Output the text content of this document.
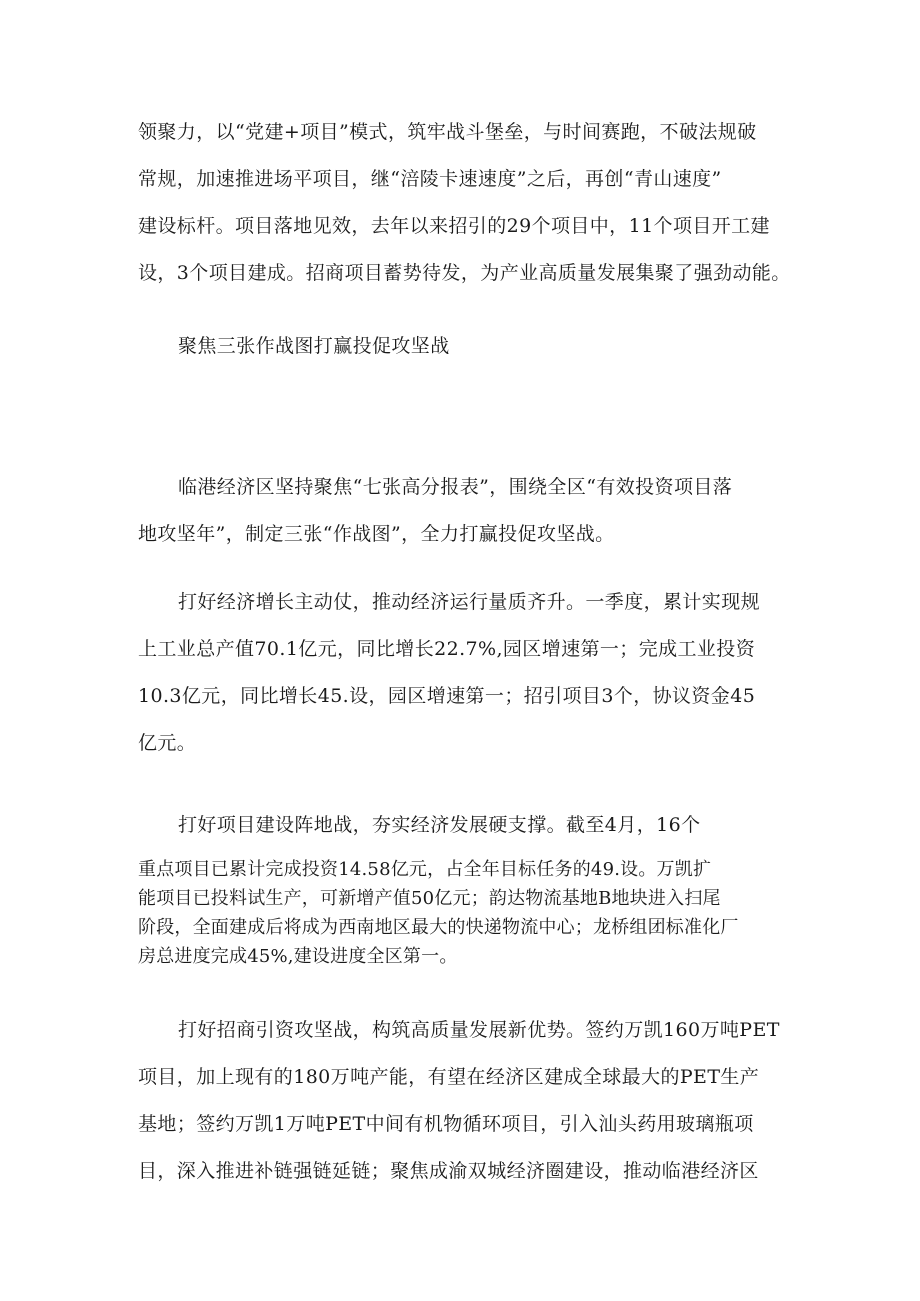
领聚力，以“党建+项目”模式，筑牢战斗堡垒，与时间赛跑，不破法规破
常规，加速推进场平项目，继“涪陵卡速速度”之后，再创“青山速度”
建设标杆。项目落地见效，去年以来招引的29个项目中，11个项目开工建
设，3个项目建成。招商项目蓄势待发，为产业高质量发展集聚了强劲动能。
聚焦三张作战图打赢投促攻坚战
临港经济区坚持聚焦“七张高分报表”，围绕全区“有效投资项目落
地攻坚年”，制定三张“作战图”，全力打赢投促攻坚战。
打好经济增长主动仗，推动经济运行量质齐升。一季度，累计实现规
上工业总产值70.1亿元，同比增长22.7%,园区增速第一；完成工业投资
10.3亿元，同比增长45.设，园区增速第一；招引项目3个，协议资金45
亿元。
打好项目建设阵地战，夯实经济发展硬支撑。截至4月，16个
重点项目已累计完成投资14.58亿元，占全年目标任务的49.设。万凯扩
能项目已投料试生产，可新增产值50亿元；韵达物流基地B地块进入扫尾
阶段，全面建成后将成为西南地区最大的快递物流中心；龙桥组团标准化厂
房总进度完成45%,建设进度全区第一。
打好招商引资攻坚战，构筑高质量发展新优势。签约万凯160万吨PET
项目，加上现有的180万吨产能，有望在经济区建成全球最大的PET生产
基地；签约万凯1万吨PET中间有机物循环项目，引入汕头药用玻璃瓶项
目，深入推进补链强链延链；聚焦成渝双城经济圈建设，推动临港经济区
